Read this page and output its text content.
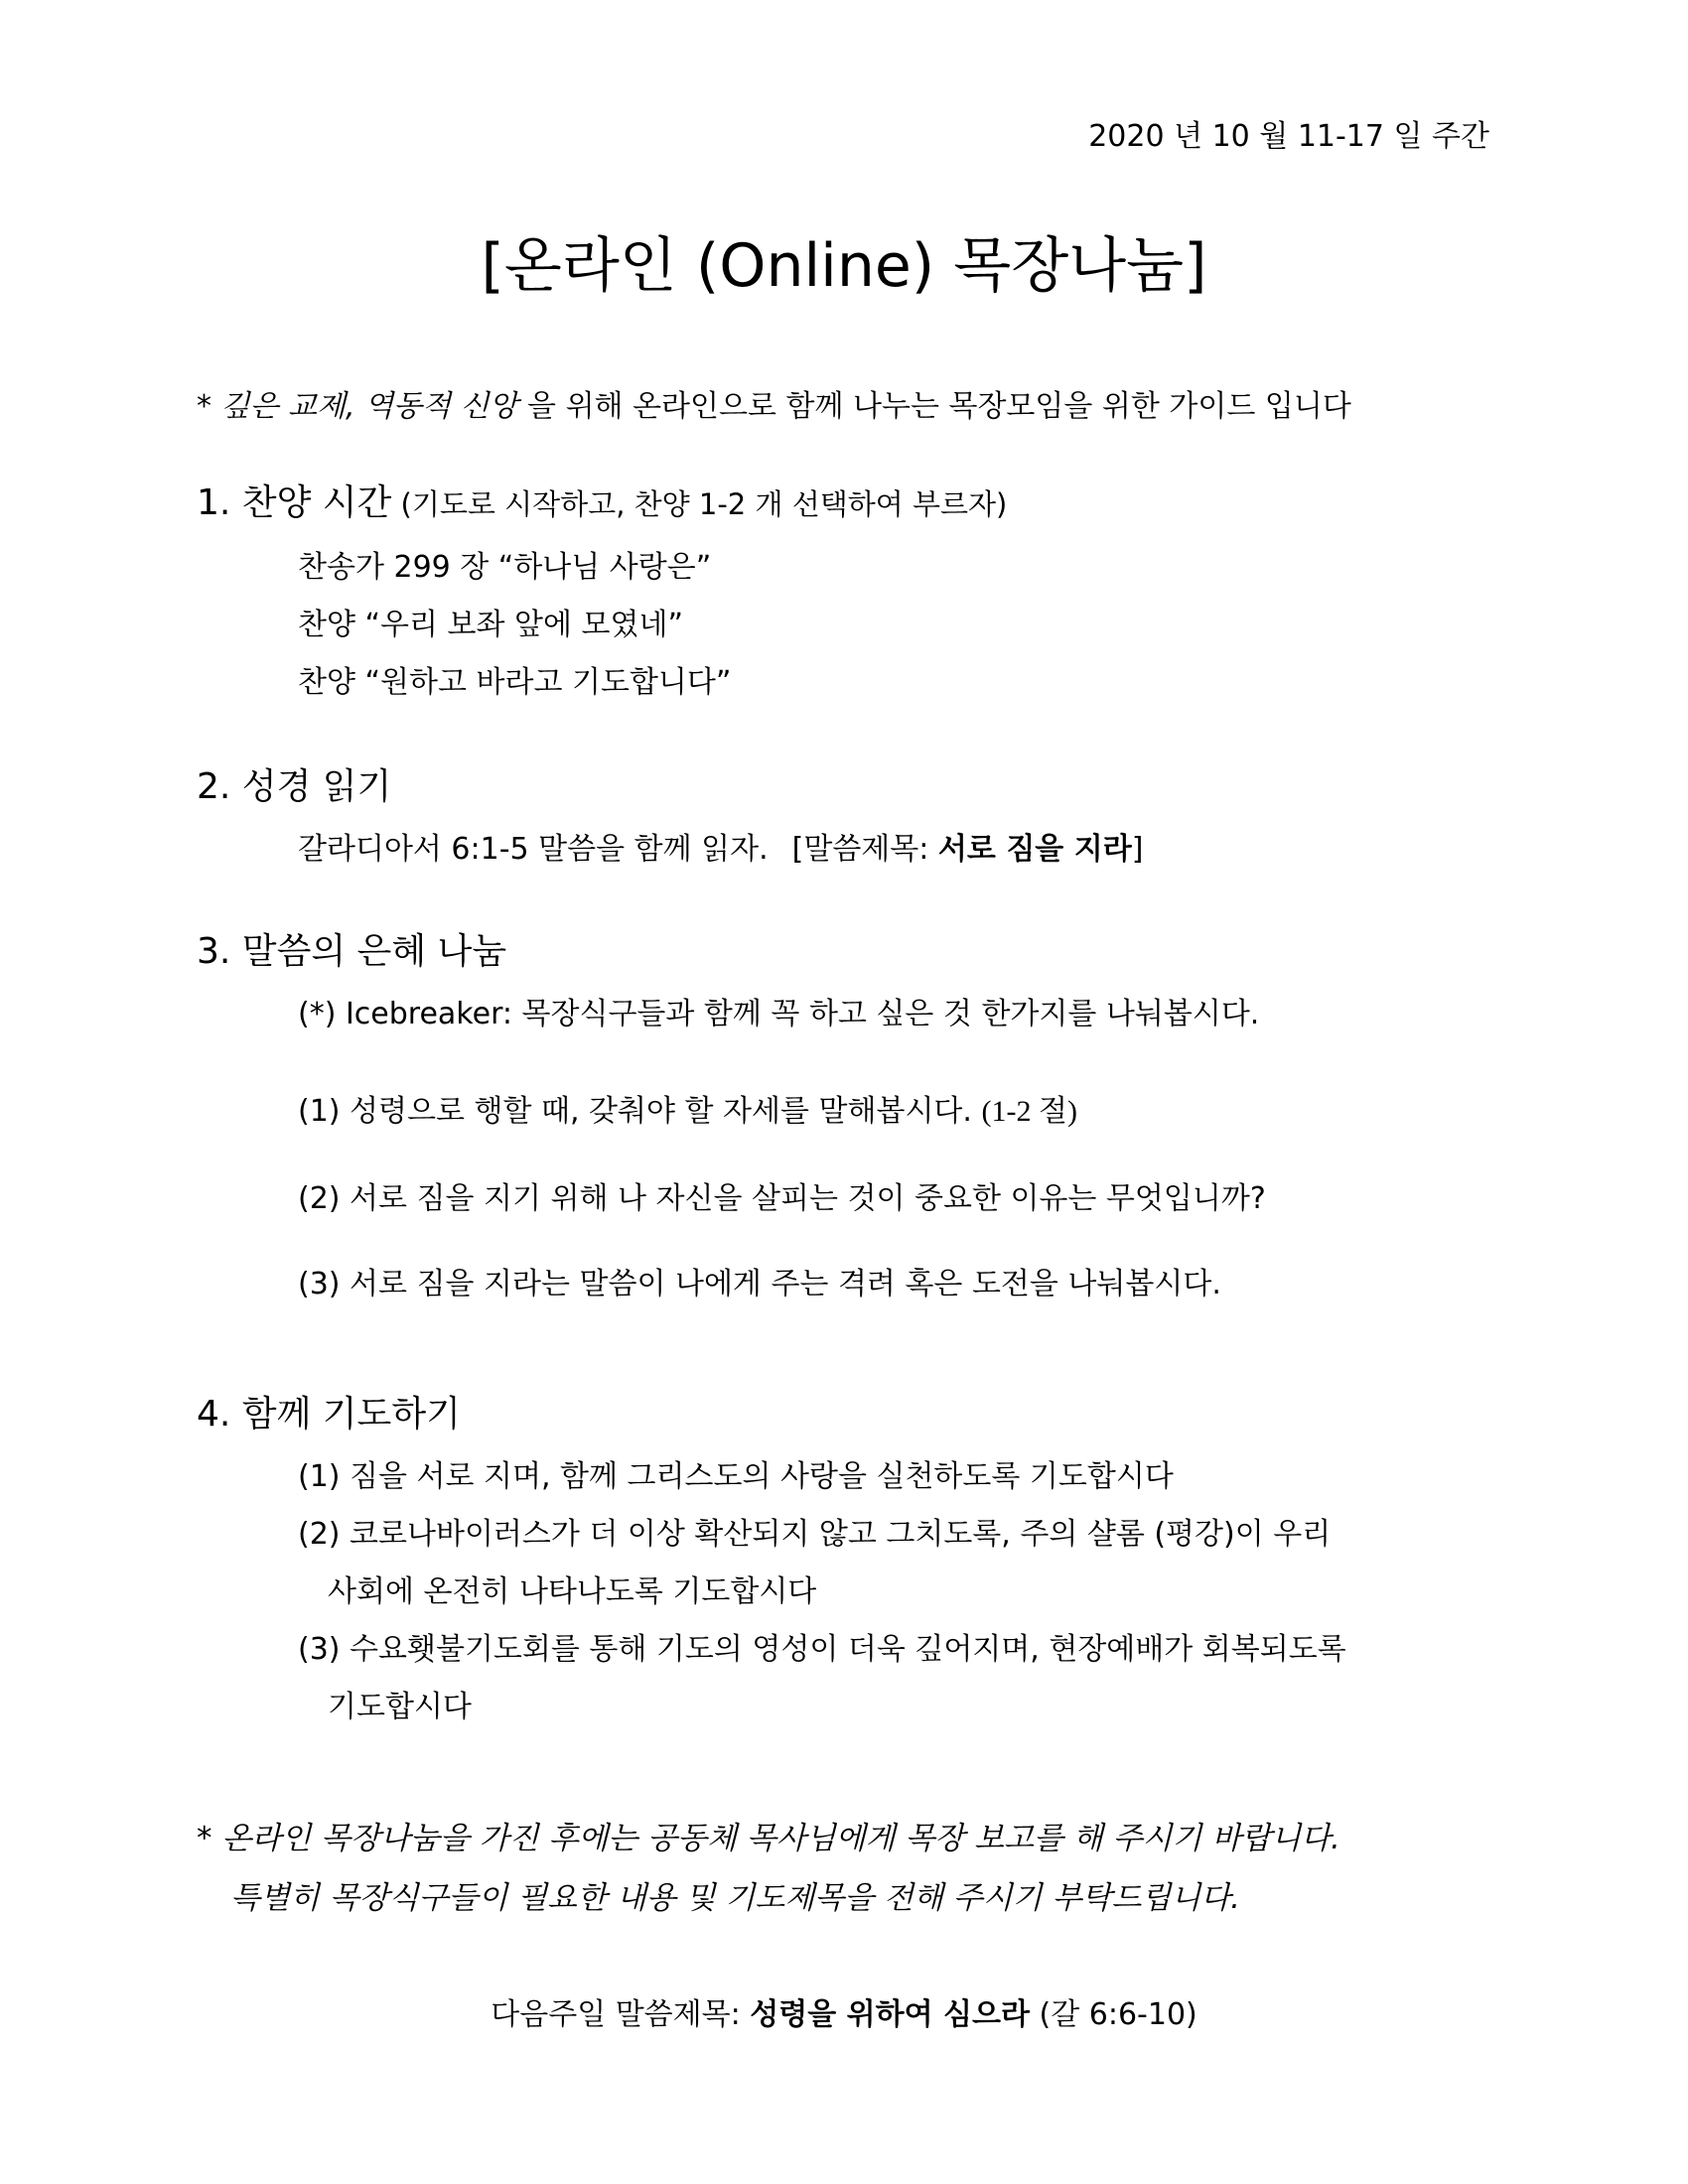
2020 년 10 월 11-17 일 주간
[온라인 (Online) 목장나눔]

* 깊은 교제, 역동적 신앙 을 위해 온라인으로 함께 나누는 목장모임을 위한 가이드 입니다

1. 찬양 시간 (기도로 시작하고, 찬양 1-2 개 선택하여 부르자)

찬송가 299 장 “하나님 사랑은”

찬양 “우리 보좌 앞에 모였네”

찬양 “원하고 바라고 기도합니다”

2. 성경 읽기

갈라디아서 6:1-5 말씀을 함께 읽자. [말씀제목: 서로 짐을 지라]

3. 말씀의 은혜 나눔

(*) Icebreaker: 목장식구들과 함께 꼭 하고 싶은 것 한가지를 나눠봅시다.

(1) 성령으로 행할 때, 갖춰야 할 자세를 말해봅시다. (1-2 절)

(2) 서로 짐을 지기 위해 나 자신을 살피는 것이 중요한 이유는 무엇입니까?

(3) 서로 짐을 지라는 말씀이 나에게 주는 격려 혹은 도전을 나눠봅시다.

4. 함께 기도하기

(1) 짐을 서로 지며, 함께 그리스도의 사랑을 실천하도록 기도합시다

(2) 코로나바이러스가 더 이상 확산되지 않고 그치도록, 주의 샬롬 (평강)이 우리

사회에 온전히 나타나도록 기도합시다

(3) 수요횃불기도회를 통해 기도의 영성이 더욱 깊어지며, 현장예배가 회복되도록

기도합시다

* 온라인 목장나눔을 가진 후에는 공동체 목사님에게 목장 보고를 해 주시기 바랍니다.

특별히 목장식구들이 필요한 내용 및 기도제목을 전해 주시기 부탁드립니다.

다음주일 말씀제목: 성령을 위하여 심으라 (갈 6:6-10)
